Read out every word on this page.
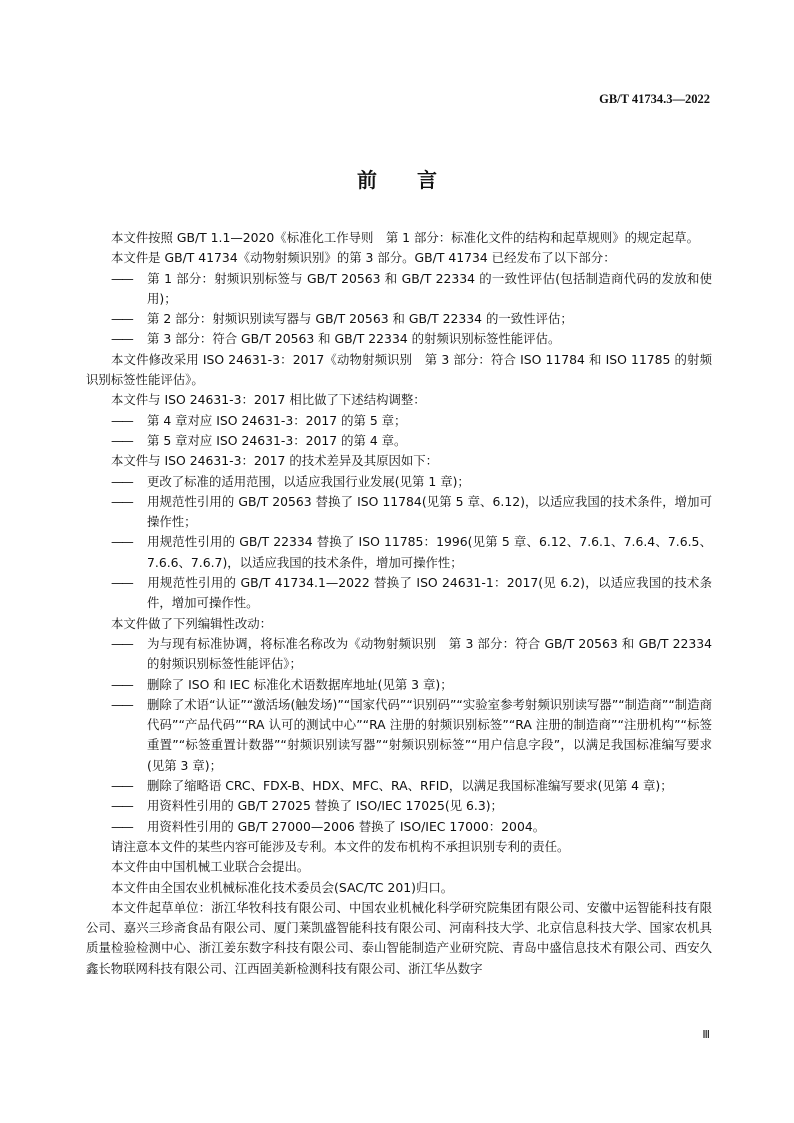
GB/T 41734.3—2022
前言

本文件按照 GB/T 1.1—2020《标准化工作导则　第 1 部分：标准化文件的结构和起草规则》的规定起草。

本文件是 GB/T 41734《动物射频识别》的第 3 部分。GB/T 41734 已经发布了以下部分：

—— 第 1 部分：射频识别标签与 GB/T 20563 和 GB/T 22334 的一致性评估(包括制造商代码的发放和使用)；

—— 第 2 部分：射频识别读写器与 GB/T 20563 和 GB/T 22334 的一致性评估；

—— 第 3 部分：符合 GB/T 20563 和 GB/T 22334 的射频识别标签性能评估。

本文件修改采用 ISO 24631-3：2017《动物射频识别　第 3 部分：符合 ISO 11784 和 ISO 11785 的射频识别标签性能评估》。

本文件与 ISO 24631-3：2017 相比做了下述结构调整：

—— 第 4 章对应 ISO 24631-3：2017 的第 5 章；

—— 第 5 章对应 ISO 24631-3：2017 的第 4 章。

本文件与 ISO 24631-3：2017 的技术差异及其原因如下：

—— 更改了标准的适用范围，以适应我国行业发展(见第 1 章)；

—— 用规范性引用的 GB/T 20563 替换了 ISO 11784(见第 5 章、6.12)，以适应我国的技术条件，增加可操作性；

—— 用规范性引用的 GB/T 22334 替换了 ISO 11785：1996(见第 5 章、6.12、7.6.1、7.6.4、7.6.5、7.6.6、7.6.7)，以适应我国的技术条件，增加可操作性；

—— 用规范性引用的 GB/T 41734.1—2022 替换了 ISO 24631-1：2017(见 6.2)，以适应我国的技术条件，增加可操作性。

本文件做了下列编辑性改动：

—— 为与现有标准协调，将标准名称改为《动物射频识别　第 3 部分：符合 GB/T 20563 和 GB/T 22334的射频识别标签性能评估》；

—— 删除了 ISO 和 IEC 标准化术语数据库地址(见第 3 章)；

—— 删除了术语“认证”“激活场(触发场)”“国家代码”“识别码”“实验室参考射频识别读写器”“制造商”“制造商代码”“产品代码”“RA 认可的测试中心”“RA 注册的射频识别标签”“RA 注册的制造商”“注册机构”“标签重置”“标签重置计数器”“射频识别读写器”“射频识别标签”“用户信息字段”，以满足我国标准编写要求(见第 3 章)；

—— 删除了缩略语 CRC、FDX-B、HDX、MFC、RA、RFID，以满足我国标准编写要求(见第 4 章)；

—— 用资料性引用的 GB/T 27025 替换了 ISO/IEC 17025(见 6.3)；

—— 用资料性引用的 GB/T 27000—2006 替换了 ISO/IEC 17000：2004。

请注意本文件的某些内容可能涉及专利。本文件的发布机构不承担识别专利的责任。

本文件由中国机械工业联合会提出。

本文件由全国农业机械标准化技术委员会(SAC/TC 201)归口。

本文件起草单位：浙江华牧科技有限公司、中国农业机械化科学研究院集团有限公司、安徽中运智能科技有限公司、嘉兴三珍斋食品有限公司、厦门莱凯盛智能科技有限公司、河南科技大学、北京信息科技大学、国家农机具质量检验检测中心、浙江姜东数字科技有限公司、泰山智能制造产业研究院、青岛中盛信息技术有限公司、西安久鑫长物联网科技有限公司、江西固美新检测科技有限公司、浙江华丛数字

Ⅲ
